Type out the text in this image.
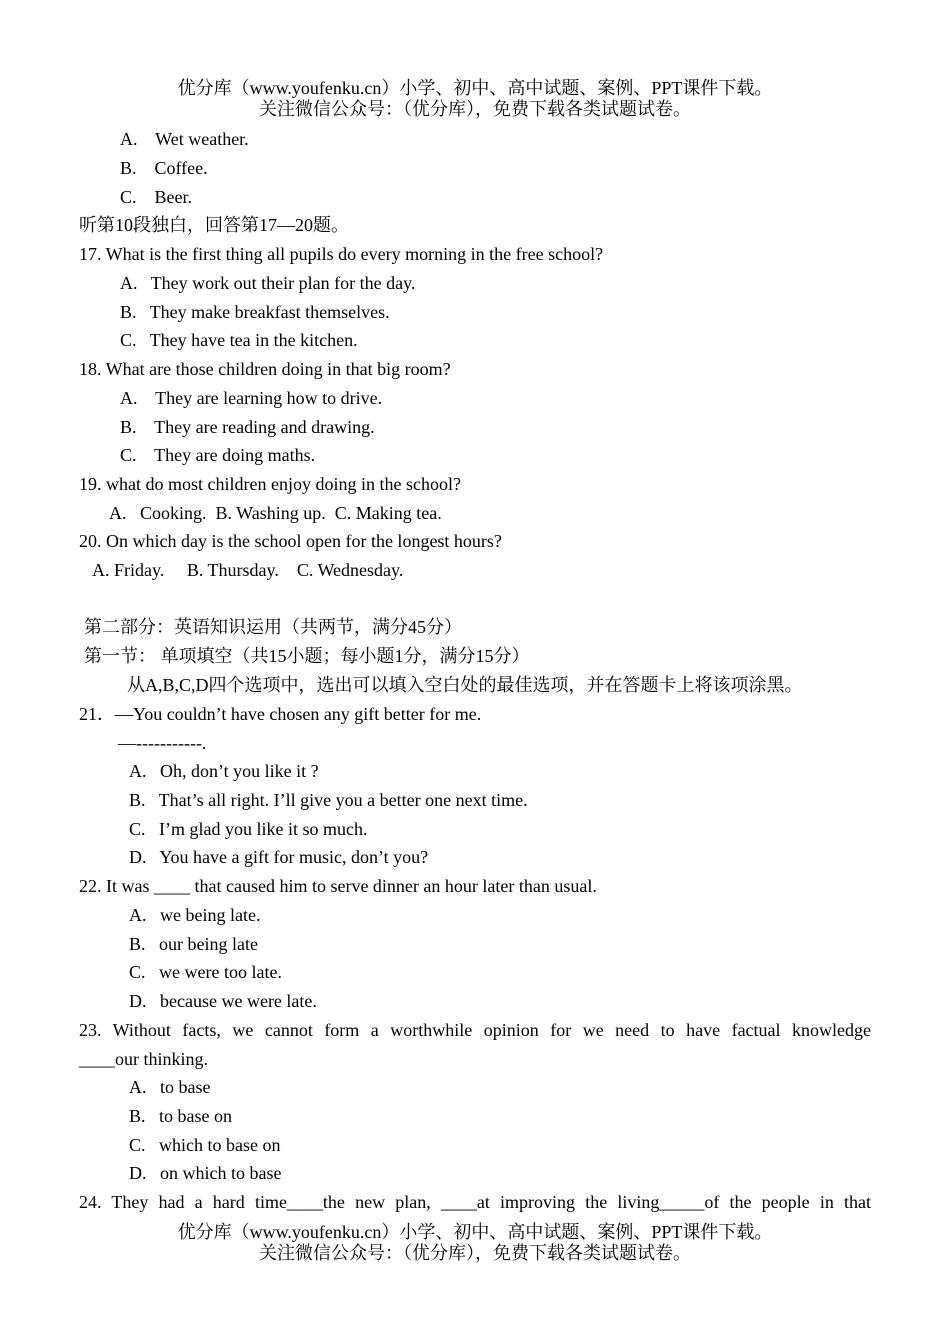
优分库（www.youfenku.cn）小学、初中、高中试题、案例、PPT课件下载。
关注微信公众号：（优分库），免费下载各类试题试卷。
A.    Wet weather.
B.    Coffee.
C.    Beer.
听第10段独白，回答第17—20题。
17. What is the first thing all pupils do every morning in the free school?
A.   They work out their plan for the day.
B.   They make breakfast themselves.
C.   They have tea in the kitchen.
18. What are those children doing in that big room?
A.    They are learning how to drive.
B.    They are reading and drawing.
C.    They are doing maths.
19. what do most children enjoy doing in the school?
A.   Cooking.  B. Washing up.  C. Making tea.
20. On which day is the school open for the longest hours?
A. Friday.     B. Thursday.    C. Wednesday.
第二部分：英语知识运用（共两节，满分45分）
第一节： 单项填空（共15小题；每小题1分，满分15分）
从A,B,C,D四个选项中，选出可以填入空白处的最佳选项，并在答题卡上将该项涂黑。
21．—You couldn’t have chosen any gift better for me.
—-----------.
A.   Oh, don’t you like it ?
B.   That’s all right. I’ll give you a better one next time.
C.   I’m glad you like it so much.
D.   You have a gift for music, don’t you?
22. It was ____ that caused him to serve dinner an hour later than usual.
A.   we being late.
B.   our being late
C.   we were too late.
D.   because we were late.
23. Without facts, we cannot form a worthwhile opinion for we need to have factual knowledge
____our thinking.
A.   to base
B.   to base on
C.   which to base on
D.   on which to base
24. They had a hard time____the new plan, ____at improving the living_____of the people in that
优分库（www.youfenku.cn）小学、初中、高中试题、案例、PPT课件下载。
关注微信公众号：（优分库），免费下载各类试题试卷。
